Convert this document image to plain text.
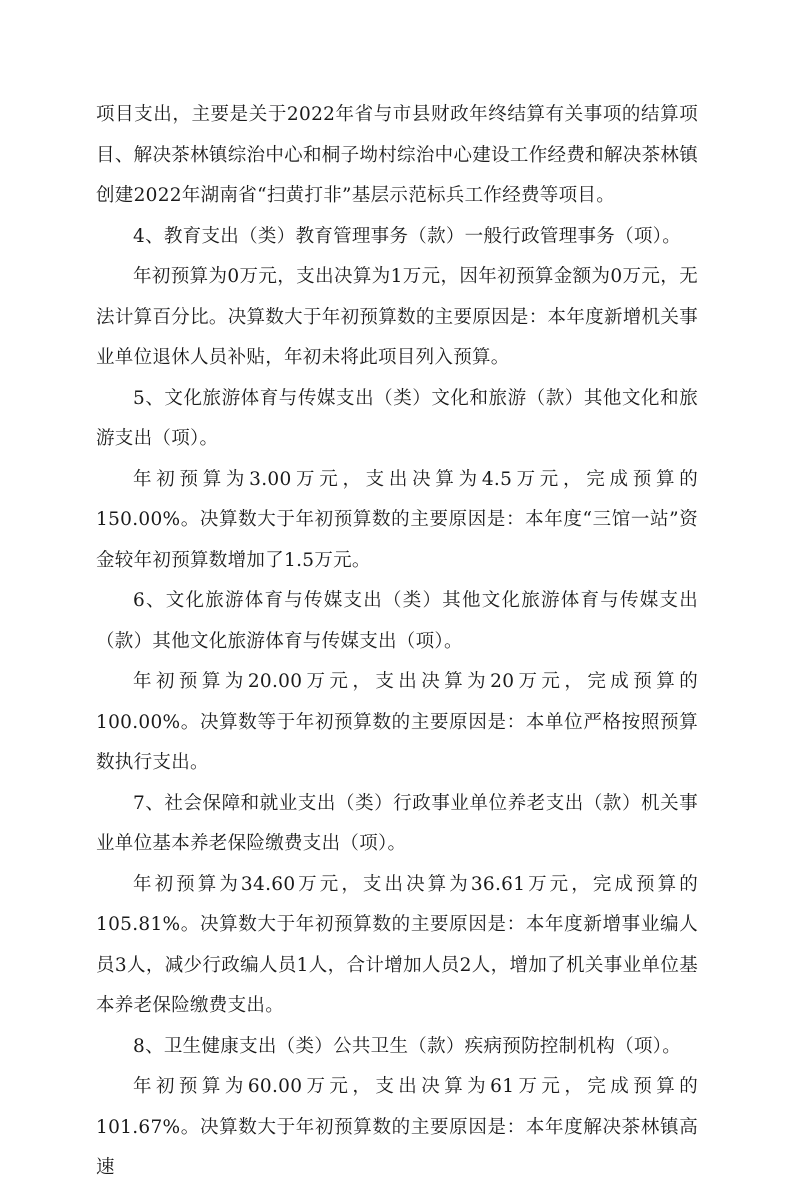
项目支出，主要是关于2022年省与市县财政年终结算有关事项的结算项目、解决茶林镇综治中心和桐子坳村综治中心建设工作经费和解决茶林镇创建2022年湖南省“扫黄打非”基层示范标兵工作经费等项目。

4、教育支出（类）教育管理事务（款）一般行政管理事务（项）。

年初预算为0万元，支出决算为1万元，因年初预算金额为0万元，无法计算百分比。决算数大于年初预算数的主要原因是：本年度新增机关事业单位退休人员补贴，年初未将此项目列入预算。

5、文化旅游体育与传媒支出（类）文化和旅游（款）其他文化和旅游支出（项）。

年初预算为3.00万元，支出决算为4.5万元，完成预算的150.00%。决算数大于年初预算数的主要原因是：本年度“三馆一站”资金较年初预算数增加了1.5万元。

6、文化旅游体育与传媒支出（类）其他文化旅游体育与传媒支出（款）其他文化旅游体育与传媒支出（项）。

年初预算为20.00万元，支出决算为20万元，完成预算的100.00%。决算数等于年初预算数的主要原因是：本单位严格按照预算数执行支出。

7、社会保障和就业支出（类）行政事业单位养老支出（款）机关事业单位基本养老保险缴费支出（项）。

年初预算为34.60万元，支出决算为36.61万元，完成预算的105.81%。决算数大于年初预算数的主要原因是：本年度新增事业编人员3人，减少行政编人员1人，合计增加人员2人，增加了机关事业单位基本养老保险缴费支出。

8、卫生健康支出（类）公共卫生（款）疾病预防控制机构（项）。

年初预算为60.00万元，支出决算为61万元，完成预算的101.67%。决算数大于年初预算数的主要原因是：本年度解决茶林镇高速
